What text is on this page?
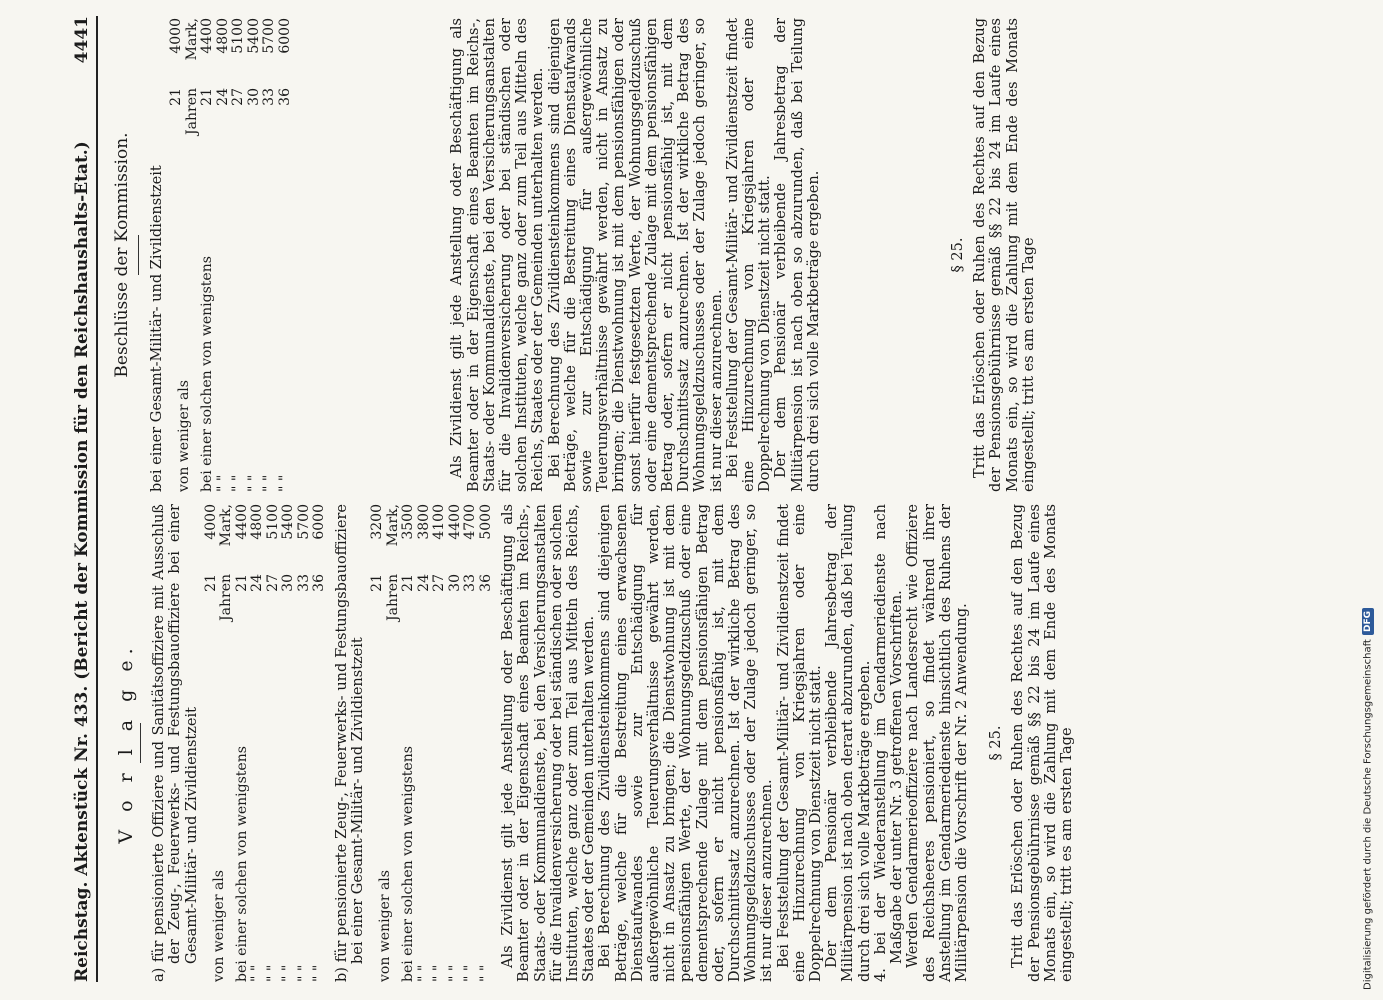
Reichstag. Aktenstück Nr. 433. (Bericht der Kommission für den Reichshaushalts-Etat.)
4441

V o r l a g e. a) für pensionierte Offiziere und Sanitätsoffiziere mit Ausschluß der Zeug-, Feuerwerks- und Festungsbauoffiziere bei einer Gesamt-Militär- und Zivildienstzeit von weniger als	21 Jahren	4000 Mark,
bei einer solchen von wenigstens	21	4400
" "	24	4800
" "	27	5100
" "	30	5400
" "	33	5700
" "	36	6000 b) für pensionierte Zeug-, Feuerwerks- und Festungsbauoffiziere bei einer Gesamt-Militär- und Zivildienstzeit von weniger als	21 Jahren	3200 Mark,
bei einer solchen von wenigstens	21	3500
" "	24	3800
" "	27	4100
" "	30	4400
" "	33	4700
" "	36	5000 Als Zivildienst gilt jede Anstellung oder Beschäftigung als Beamter oder in der Eigenschaft eines Beamten im Reichs-, Staats- oder Kommunaldienste, bei den Versicherungsanstalten für die Invalidenversicherung oder bei ständischen oder solchen Instituten, welche ganz oder zum Teil aus Mitteln des Reichs, Staates oder der Gemeinden unterhalten werden. Bei Berechnung des Zivildiensteinkommens sind diejenigen Beträge, welche für die Bestreitung eines erwachsenen Dienstaufwandes sowie zur Entschädigung für außergewöhnliche Teuerungsverhältnisse gewährt werden, nicht in Ansatz zu bringen; die Dienstwohnung ist mit dem pensionsfähigen Werte, der Wohnungsgeldzuschuß oder eine dementsprechende Zulage mit dem pensionsfähigen Betrag oder, sofern er nicht pensionsfähig ist, mit dem Durchschnittssatz anzurechnen. Ist der wirkliche Betrag des Wohnungsgeldzuschusses oder der Zulage jedoch geringer, so ist nur dieser anzurechnen. Bei Feststellung der Gesamt-Militär- und Zivildienstzeit findet eine Hinzurechnung von Kriegsjahren oder eine Doppelrechnung von Dienstzeit nicht statt. Der dem Pensionär verbleibende Jahresbetrag der Militärpension ist nach oben derart abzurunden, daß bei Teilung durch drei sich volle Markbeträge ergeben. 4. bei der Wiederanstellung im Gendarmeriedienste nach Maßgabe der unter Nr. 3 getroffenen Vorschriften. Werden Gendarmerieoffiziere nach Landesrecht wie Offiziere des Reichsheeres pensioniert, so findet während ihrer Anstellung im Gendarmeriedienste hinsichtlich des Ruhens der Militärpension die Vorschrift der Nr. 2 Anwendung. § 25. Tritt das Erlöschen oder Ruhen des Rechtes auf den Bezug der Pensionsgebührnisse gemäß §§ 22 bis 24 im Laufe eines Monats ein, so wird die Zahlung mit dem Ende des Monats eingestellt; tritt es am ersten Tage

Beschlüsse der Kommission. bei einer Gesamt-Militär- und Zivildienstzeit von weniger als	21 Jahren	4000 Mark,
bei einer solchen von wenigstens	21	4400
" "	24	4800
" "	27	5100
" "	30	5400
" "	33	5700
" "	36	6000	Als Zivildienst gilt jede Anstellung oder Beschäftigung als Beamter oder in der Eigenschaft eines Beamten im Reichs-, Staats- oder Kommunaldienste, bei den Versicherungsanstalten für die Invalidenversicherung oder bei ständischen oder solchen Instituten, welche ganz oder zum Teil aus Mitteln des Reichs, Staates oder der Gemeinden unterhalten werden. Bei Berechnung des Zivildiensteinkommens sind diejenigen Beträge, welche für die Bestreitung eines Dienstaufwands sowie zur Entschädigung für außergewöhnliche Teuerungsverhältnisse gewährt werden, nicht in Ansatz zu bringen; die Dienstwohnung ist mit dem pensionsfähigen oder sonst hierfür festgesetzten Werte, der Wohnungsgeldzuschuß oder eine dementsprechende Zulage mit dem pensionsfähigen Betrag oder, sofern er nicht pensionsfähig ist, mit dem Durchschnittssatz anzurechnen. Ist der wirkliche Betrag des Wohnungsgeldzuschusses oder der Zulage jedoch geringer, so ist nur dieser anzurechnen. Bei Feststellung der Gesamt-Militär- und Zivildienstzeit findet eine Hinzurechnung von Kriegsjahren oder eine Doppelrechnung von Dienstzeit nicht statt. Der dem Pensionär verbleibende Jahresbetrag der Militärpension ist nach oben so abzurunden, daß bei Teilung durch drei sich volle Markbeträge ergeben.	§ 25. Tritt das Erlöschen oder Ruhen des Rechtes auf den Bezug der Pensionsgebührnisse gemäß §§ 22 bis 24 im Laufe eines Monats ein, so wird die Zahlung mit dem Ende des Monats eingestellt; tritt es am ersten Tage

Digitalisierung gefördert durch die Deutsche Forschungsgemeinschaft
DFG
